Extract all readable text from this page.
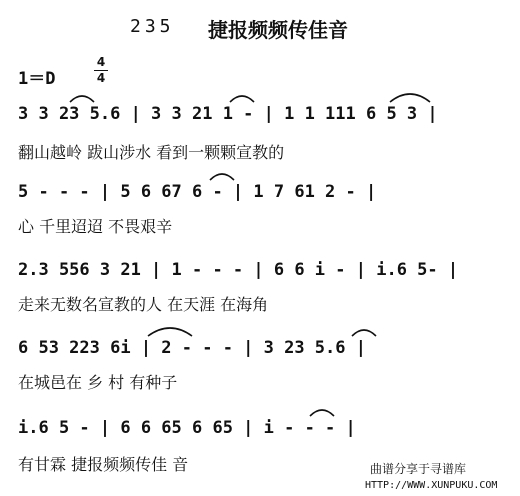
235 捷报频频传佳音
1＝D
4
4
3 3 23 5.6 | 3 3 21 1 - | 1 1 111 6 5 3 |
翻山越岭 跋山涉水 看到一颗颗宣教的
5 - - - | 5 6 67 6 - | 1 7 61 2 - |
心 千里迢迢 不畏艰辛
2.3 556 3 21 | 1 - - - | 6 6 i - | i.6 5- |
走来无数名宣教的人 在天涯 在海角
6 53 223 6i | 2 - - - | 3 23 5.6 |
在城邑在 乡 村 有种子
i.6 5 - | 6 6 65 6 65 | i - - - |
有甘霖 捷报频频传佳 音	曲谱分享于寻谱库
HTTP://WWW.XUNPUKU.COM
